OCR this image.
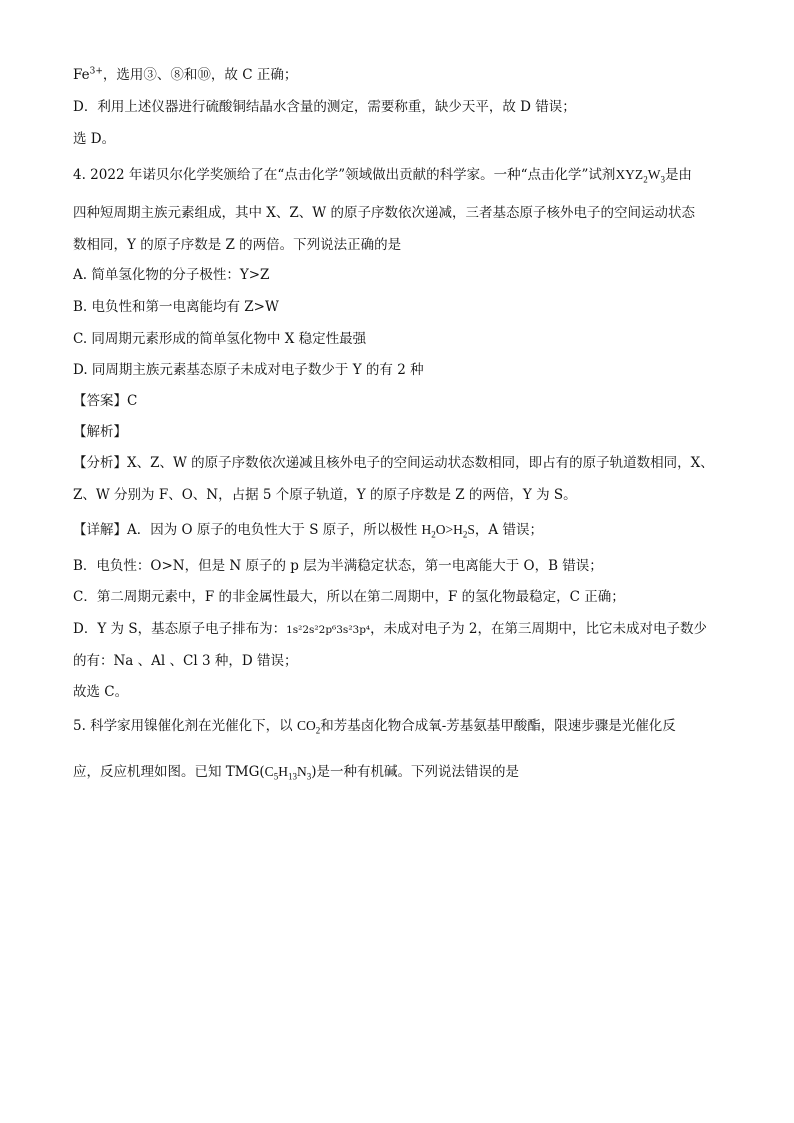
$Fe^{3+}$，选用③、⑧和⑩，故 C 正确；
D．利用上述仪器进行硫酸铜结晶水含量的测定，需要称重，缺少天平，故 D 错误；
选 D。
4. 2022 年诺贝尔化学奖颁给了在“点击化学”领域做出贡献的科学家。一种“点击化学”试剂$XYZ_2W_3$是由
四种短周期主族元素组成，其中 X、Z、W 的原子序数依次递减，三者基态原子核外电子的空间运动状态
数相同，Y 的原子序数是 Z 的两倍。下列说法正确的是
A. 简单氢化物的分子极性：Y>Z
B. 电负性和第一电离能均有 Z>W
C. 同周期元素形成的简单氢化物中 X 稳定性最强
D. 同周期主族元素基态原子未成对电子数少于 Y 的有 2 种
【答案】C
【解析】
【分析】X、Z、W 的原子序数依次递减且核外电子的空间运动状态数相同，即占有的原子轨道数相同，X、
Z、W 分别为 F、O、N，占据 5 个原子轨道，Y 的原子序数是 Z 的两倍，Y 为 S。
【详解】A．因为 O 原子的电负性大于 S 原子，所以极性 $H_2O>H_2S$，A 错误；
B．电负性：O>N，但是 N 原子的 p 层为半满稳定状态，第一电离能大于 O，B 错误；
C．第二周期元素中，F 的非金属性最大，所以在第二周期中，F 的氢化物最稳定，C 正确；
D．Y 为 S，基态原子电子排布为：1s²2s²2p⁶3s²3p⁴，未成对电子为 2，在第三周期中，比它未成对电子数少
的有：Na 、Al 、Cl 3 种，D 错误；
故选 C。
5. 科学家用镍催化剂在光催化下，以 $CO_2$和芳基卤化物合成氧-芳基氨基甲酸酯，限速步骤是光催化反
应，反应机理如图。已知 $TMG(C_5H_{13}N_3)$是一种有机碱。下列说法错误的是
